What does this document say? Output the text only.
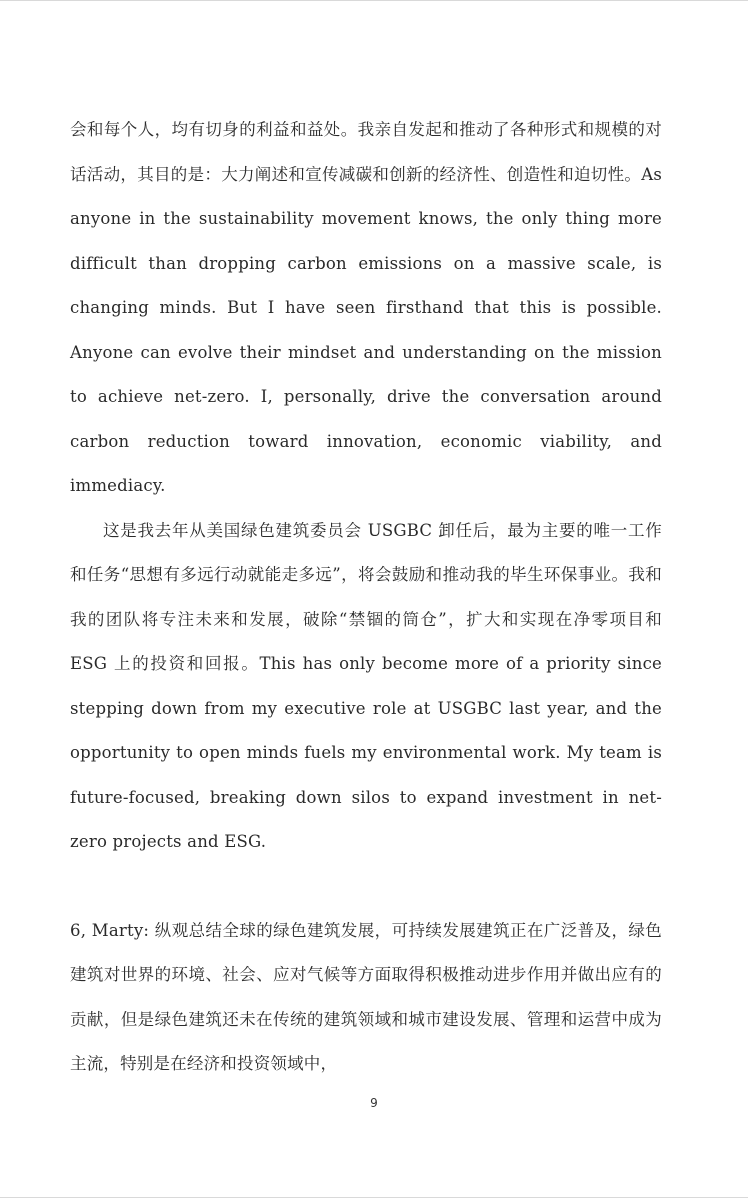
会和每个人，均有切身的利益和益处。我亲自发起和推动了各种形式和规模的对话活动，其目的是：大力阐述和宣传减碳和创新的经济性、创造性和迫切性。As anyone in the sustainability movement knows, the only thing more difficult than dropping carbon emissions on a massive scale, is changing minds. But I have seen firsthand that this is possible. Anyone can evolve their mindset and understanding on the mission to achieve net-zero. I, personally, drive the conversation around carbon reduction toward innovation, economic viability, and immediacy.

这是我去年从美国绿色建筑委员会 USGBC 卸任后，最为主要的唯一工作和任务“思想有多远行动就能走多远”，将会鼓励和推动我的毕生环保事业。我和我的团队将专注未来和发展，破除“禁锢的筒仓”，扩大和实现在净零项目和 ESG 上的投资和回报。This has only become more of a priority since stepping down from my executive role at USGBC last year, and the opportunity to open minds fuels my environmental work. My team is future-focused, breaking down silos to expand investment in net-zero projects and ESG.

6, Marty: 纵观总结全球的绿色建筑发展，可持续发展建筑正在广泛普及，绿色建筑对世界的环境、社会、应对气候等方面取得积极推动进步作用并做出应有的贡献，但是绿色建筑还未在传统的建筑领域和城市建设发展、管理和运营中成为主流，特别是在经济和投资领域中，

9
